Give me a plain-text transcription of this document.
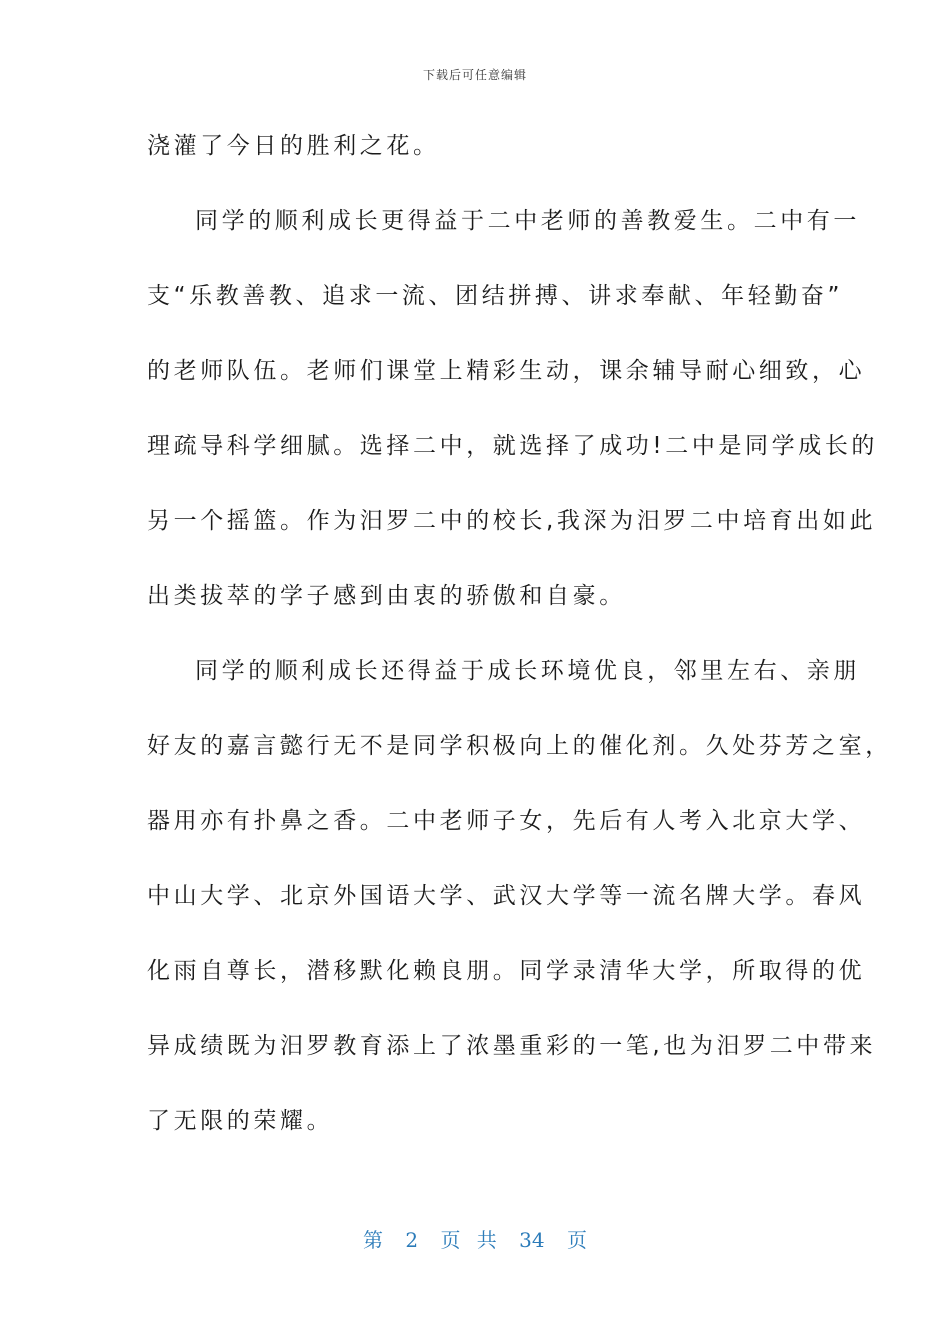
下载后可任意编辑
浇灌了今日的胜利之花。
同学的顺利成长更得益于二中老师的善教爱生。二中有一
支“乐教善教、追求一流、团结拼搏、讲求奉献、年轻勤奋”
的老师队伍。老师们课堂上精彩生动，课余辅导耐心细致，心
理疏导科学细腻。选择二中，就选择了成功!二中是同学成长的
另一个摇篮。作为汨罗二中的校长,我深为汨罗二中培育出如此
出类拔萃的学子感到由衷的骄傲和自豪。
同学的顺利成长还得益于成长环境优良，邻里左右、亲朋
好友的嘉言懿行无不是同学积极向上的催化剂。久处芬芳之室，
器用亦有扑鼻之香。二中老师子女，先后有人考入北京大学、
中山大学、北京外国语大学、武汉大学等一流名牌大学。春风
化雨自尊长，潜移默化赖良朋。同学录清华大学，所取得的优
异成绩既为汨罗教育添上了浓墨重彩的一笔,也为汨罗二中带来
了无限的荣耀。
第 2 页 共 34 页
